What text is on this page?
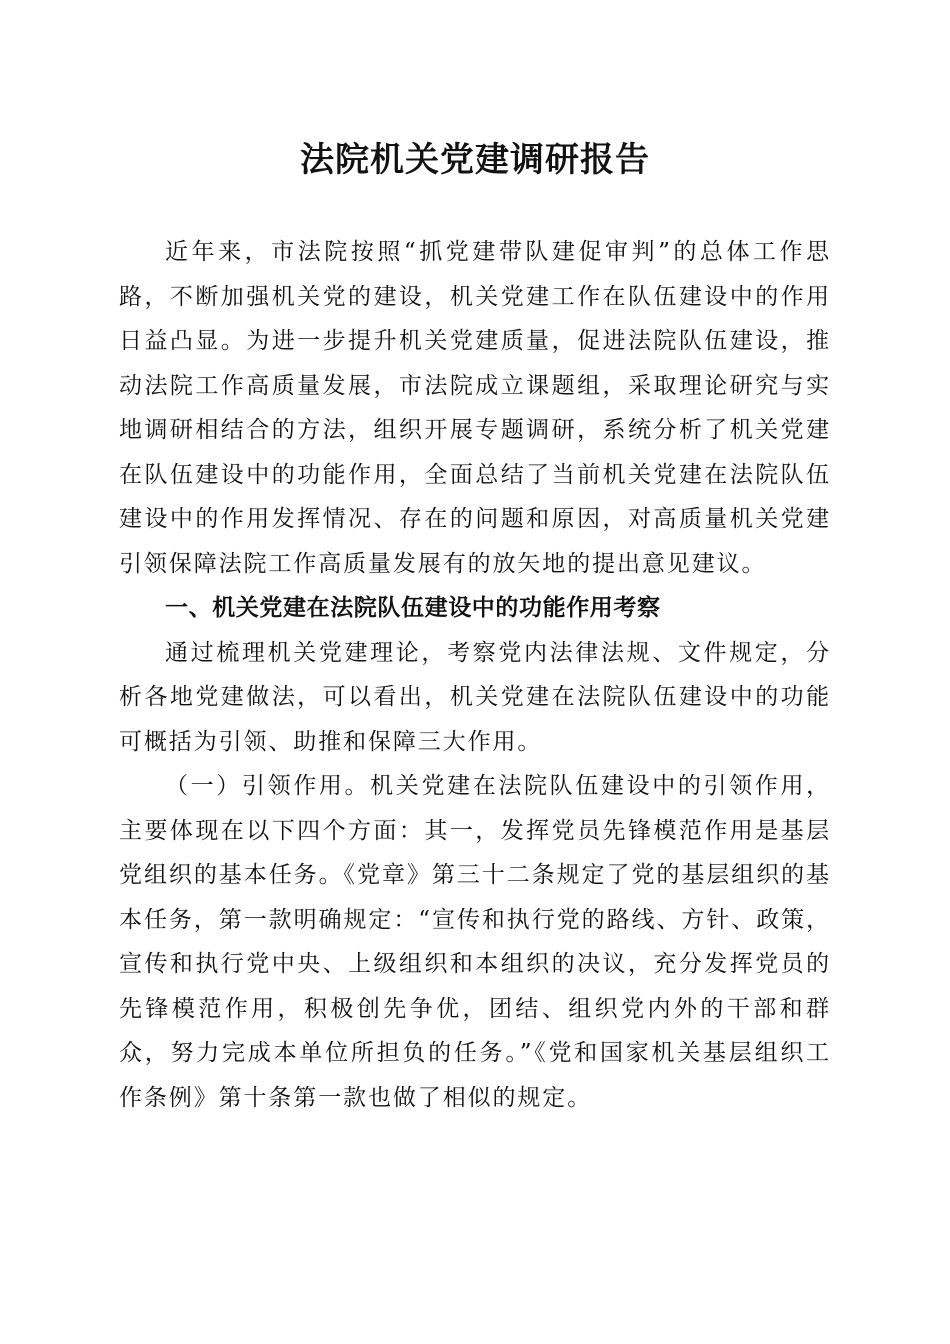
法院机关党建调研报告

近年来，市法院按照“抓党建带队建促审判”的总体工作思路，不断加强机关党的建设，机关党建工作在队伍建设中的作用日益凸显。为进一步提升机关党建质量，促进法院队伍建设，推动法院工作高质量发展，市法院成立课题组，采取理论研究与实地调研相结合的方法，组织开展专题调研，系统分析了机关党建在队伍建设中的功能作用，全面总结了当前机关党建在法院队伍建设中的作用发挥情况、存在的问题和原因，对高质量机关党建引领保障法院工作高质量发展有的放矢地的提出意见建议。

一、机关党建在法院队伍建设中的功能作用考察

通过梳理机关党建理论，考察党内法律法规、文件规定，分析各地党建做法，可以看出，机关党建在法院队伍建设中的功能可概括为引领、助推和保障三大作用。

（一）引领作用。机关党建在法院队伍建设中的引领作用，主要体现在以下四个方面：其一，发挥党员先锋模范作用是基层党组织的基本任务。《党章》第三十二条规定了党的基层组织的基本任务，第一款明确规定：“宣传和执行党的路线、方针、政策，宣传和执行党中央、上级组织和本组织的决议，充分发挥党员的先锋模范作用，积极创先争优，团结、组织党内外的干部和群众，努力完成本单位所担负的任务。”《党和国家机关基层组织工作条例》第十条第一款也做了相似的规定。
